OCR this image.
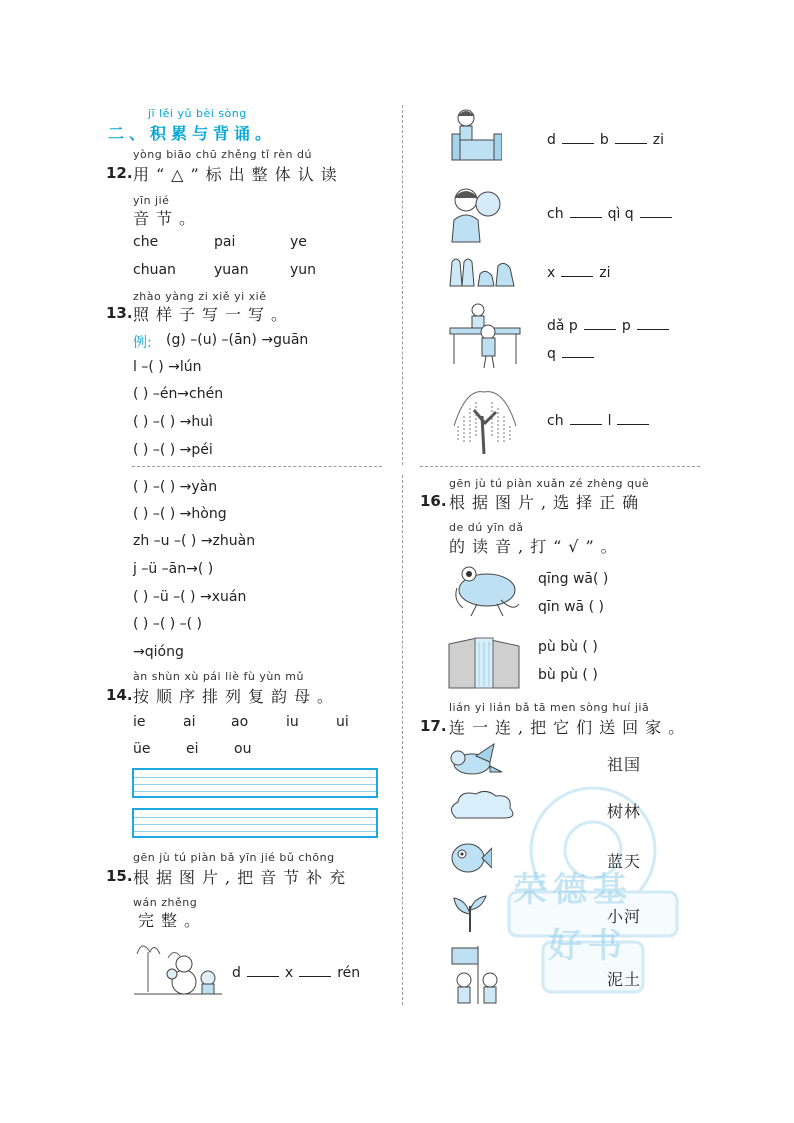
jī lěi yǔ bèi sòng
二、积累与背诵。
yòng biāo chū zhěng tǐ rèn dú
12. 用“△”标出整体认读
yīn jié
音节。
che	pai	ye
chuan	yuan	yun
zhào yàng zi xiě yi xiě
13. 照样子写一写。
例: (g) –(u) –(ān) →guān
l –( ) →lún
( ) –én→chén
( ) –( ) →huì
( ) –( ) →péi
( ) –( ) →yàn
( ) –( ) →hòng
zh –u –( ) →zhuàn
j –ü –ān→( )
( ) –ü –( ) →xuán
( ) –( ) –( )
→qióng
àn shùn xù pái liè fù yùn mǔ
14. 按顺序排列复韵母。
ie	ai	ao	iu	ui
üe	ei	ou
gēn jù tú piàn bǎ yīn jié bǔ chōng
15. 根据图片,把音节补充
wán zhěng
完整。
d	x	rén
d	b	zi
ch	qì q
x	zi
dǎ p	p
q
ch	l
gēn jù tú piàn xuǎn zé zhèng què
16. 根据图片,选择正确
de dú yīn dǎ
的读音,打“√”。
qīng wā( )
qīn wā ( )
pù bù ( )
bù pù ( )
lián yi lián bǎ tā men sòng huí jiā
17. 连一连,把它们送回家。
荣德基
好书
祖国
树林
蓝天
小河
泥土
